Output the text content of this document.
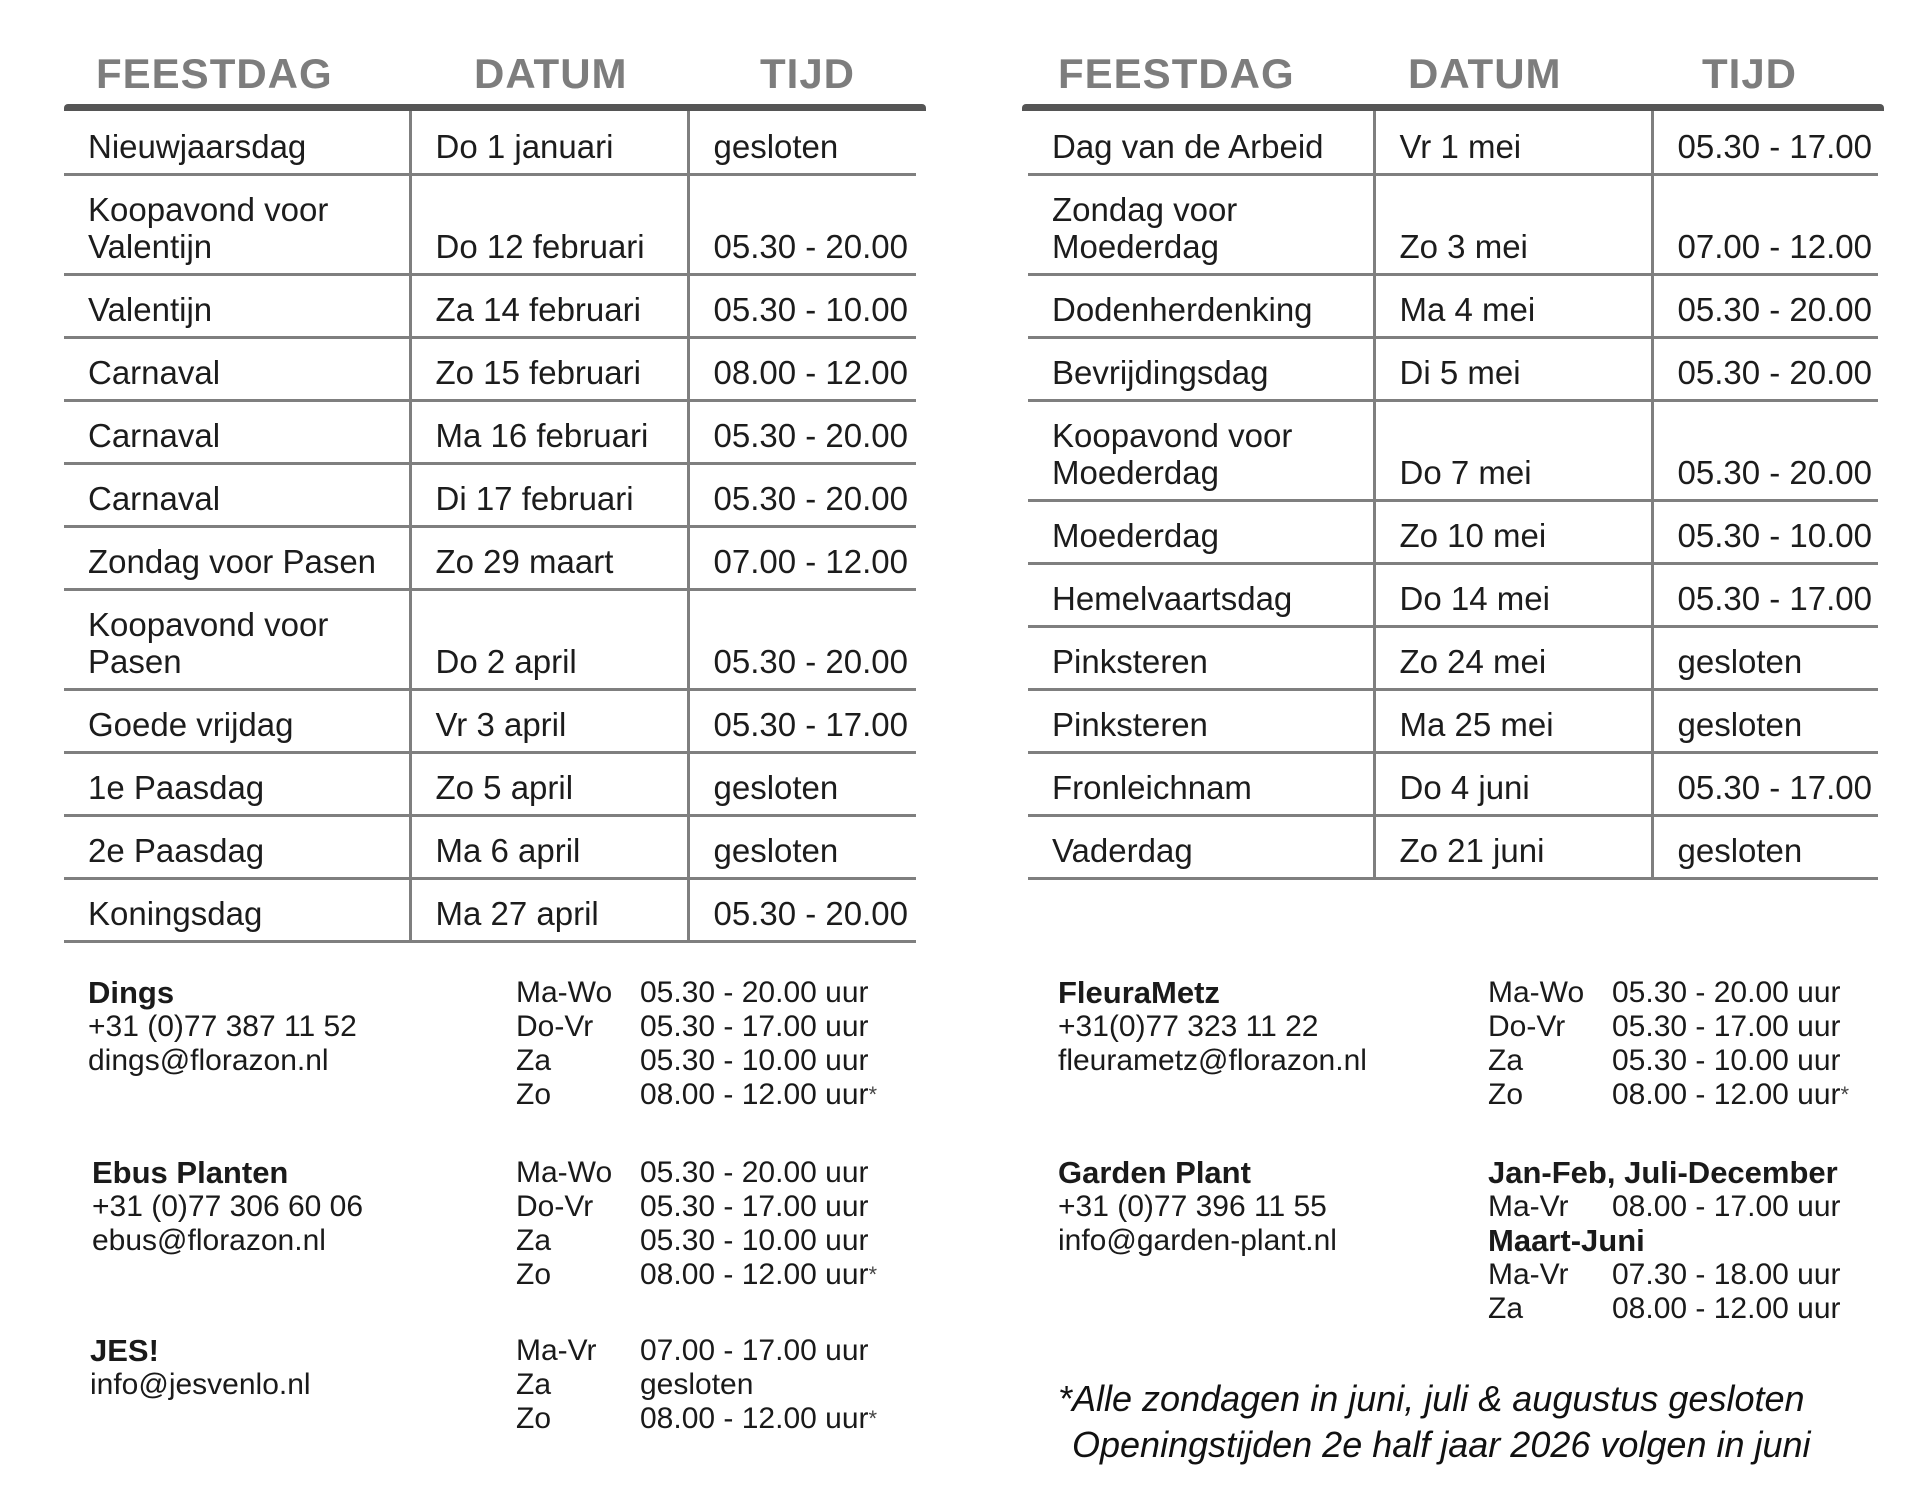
FEESTDAG	DATUM	TIJD
Nieuwjaarsdag	Do 1 januari	gesloten
Koopavond voor Valentijn	Do 12 februari	05.30 - 20.00
Valentijn	Za 14 februari	05.30 - 10.00
Carnaval	Zo 15 februari	08.00 - 12.00
Carnaval	Ma 16 februari	05.30 - 20.00
Carnaval	Di 17 februari	05.30 - 20.00
Zondag voor Pasen	Zo 29 maart	07.00 - 12.00
Koopavond voor Pasen	Do 2 april	05.30 - 20.00
Goede vrijdag	Vr 3 april	05.30 - 17.00
1e Paasdag	Zo 5 april	gesloten
2e Paasdag	Ma 6 april	gesloten
Koningsdag	Ma 27 april	05.30 - 20.00
FEESTDAG	DATUM	TIJD
Dag van de Arbeid	Vr 1 mei	05.30 - 17.00
Zondag voor Moederdag	Zo 3 mei	07.00 - 12.00
Dodenherdenking	Ma 4 mei	05.30 - 20.00
Bevrijdingsdag	Di 5 mei	05.30 - 20.00
Koopavond voor Moederdag	Do 7 mei	05.30 - 20.00
Moederdag	Zo 10 mei	05.30 - 10.00
Hemelvaartsdag	Do 14 mei	05.30 - 17.00
Pinksteren	Zo 24 mei	gesloten
Pinksteren	Ma 25 mei	gesloten
Fronleichnam	Do 4 juni	05.30 - 17.00
Vaderdag	Zo 21 juni	gesloten
Dings
+31 (0)77 387 11 52
dings@florazon.nl
Ma-Wo 05.30 - 20.00 uur
Do-Vr	05.30 - 17.00 uur
Za	05.30 - 10.00 uur
Zo	08.00 - 12.00 uur *
Ebus Planten
+31 (0)77 306 60 06
ebus@florazon.nl
Ma-Wo 05.30 - 20.00 uur
Do-Vr	05.30 - 17.00 uur
Za	05.30 - 10.00 uur
Zo	08.00 - 12.00 uur *
JES!
info@jesvenlo.nl
Ma-Vr	07.00 - 17.00 uur
Za	gesloten
Zo	08.00 - 12.00 uur *
FleuraMetz
+31(0)77 323 11 22
fleurametz@florazon.nl
Ma-Wo 05.30 - 20.00 uur
Do-Vr	05.30 - 17.00 uur
Za	05.30 - 10.00 uur
Zo	08.00 - 12.00 uur *
Garden Plant
+31 (0)77 396 11 55
info@garden-plant.nl
Jan-Feb, Juli-December
Ma-Vr	08.00 - 17.00 uur
Maart-Juni
Ma-Vr	07.30 - 18.00 uur
Za	08.00 - 12.00 uur
*Alle zondagen in juni, juli & augustus gesloten
Openingstijden 2e half jaar 2026 volgen in juni
